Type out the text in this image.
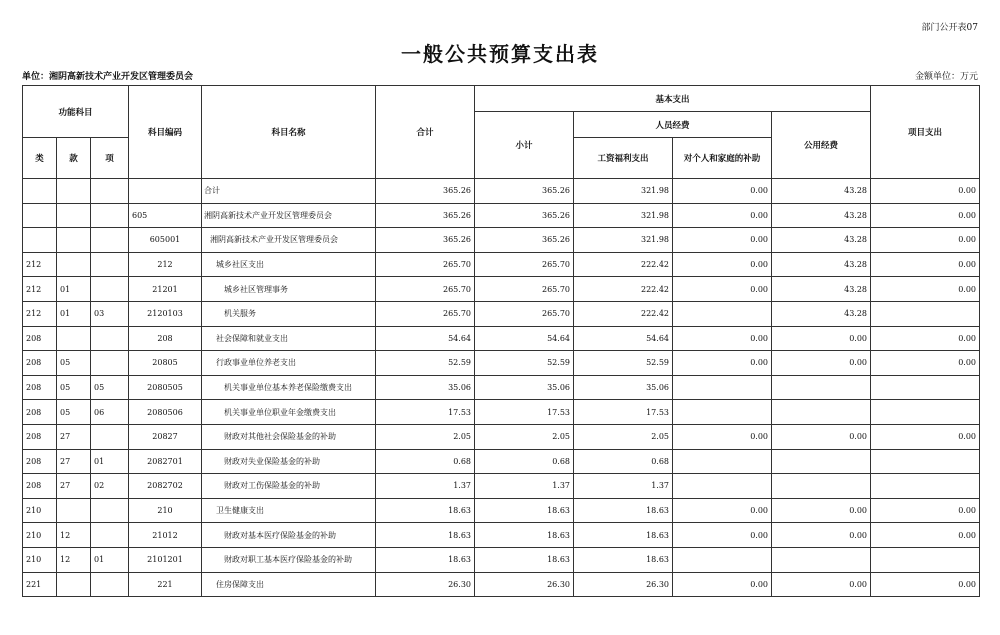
部门公开表07
一般公共预算支出表
单位：湘阴高新技术产业开发区管理委员会	金额单位：万元
功能科目			科目编码	科目名称	合计	基本支出				项目支出
						小计	人员经费		公用经费	
类	款	项					工资福利支出	对个人和家庭的补助		
				合计	365.26	365.26	321.98	0.00	43.28	0.00
			605	湘阴高新技术产业开发区管理委员会	365.26	365.26	321.98	0.00	43.28	0.00
			605001	湘阴高新技术产业开发区管理委员会	365.26	365.26	321.98	0.00	43.28	0.00
212			212	城乡社区支出	265.70	265.70	222.42	0.00	43.28	0.00
212	01		21201	城乡社区管理事务	265.70	265.70	222.42	0.00	43.28	0.00
212	01	03	2120103	机关服务	265.70	265.70	222.42		43.28	
208			208	社会保障和就业支出	54.64	54.64	54.64	0.00	0.00	0.00
208	05		20805	行政事业单位养老支出	52.59	52.59	52.59	0.00	0.00	0.00
208	05	05	2080505	机关事业单位基本养老保险缴费支出	35.06	35.06	35.06			
208	05	06	2080506	机关事业单位职业年金缴费支出	17.53	17.53	17.53			
208	27		20827	财政对其他社会保险基金的补助	2.05	2.05	2.05	0.00	0.00	0.00
208	27	01	2082701	财政对失业保险基金的补助	0.68	0.68	0.68			
208	27	02	2082702	财政对工伤保险基金的补助	1.37	1.37	1.37			
210			210	卫生健康支出	18.63	18.63	18.63	0.00	0.00	0.00
210	12		21012	财政对基本医疗保险基金的补助	18.63	18.63	18.63	0.00	0.00	0.00
210	12	01	2101201	财政对职工基本医疗保险基金的补助	18.63	18.63	18.63			
221			221	住房保障支出	26.30	26.30	26.30	0.00	0.00	0.00
